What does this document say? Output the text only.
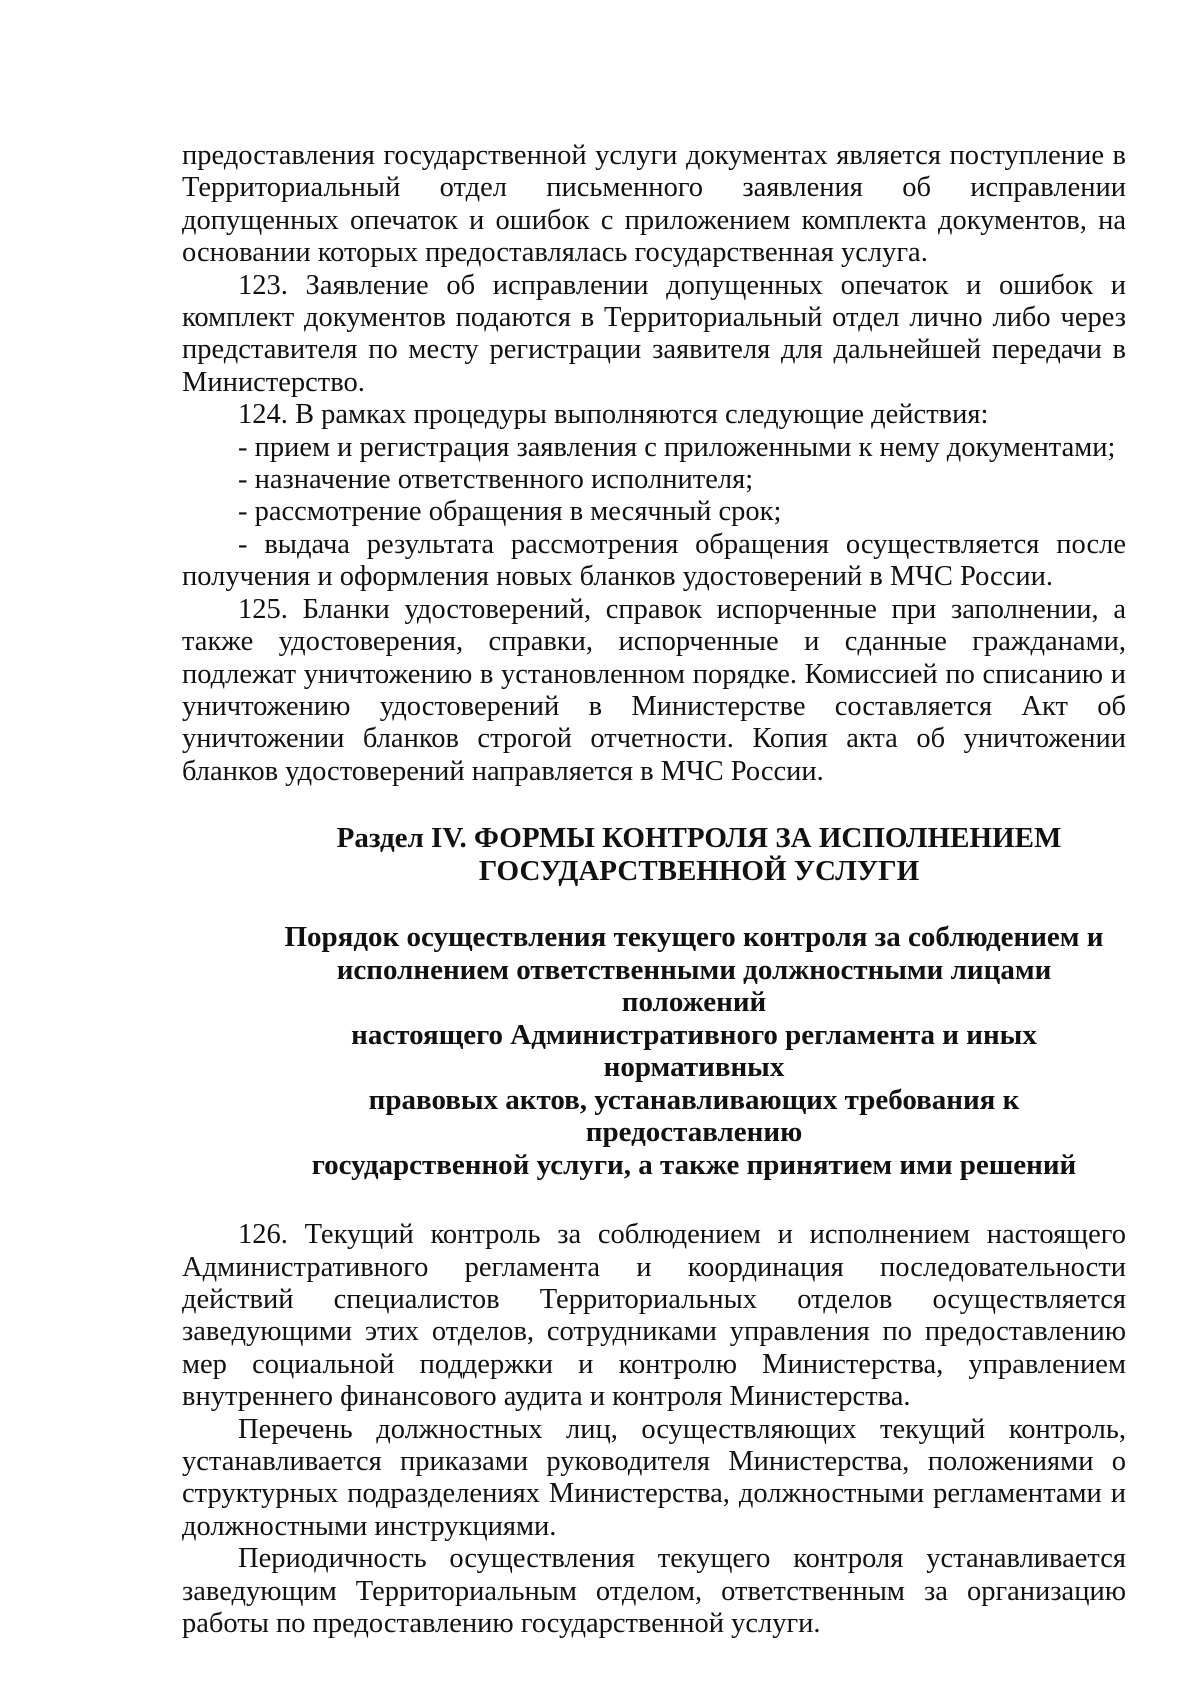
предоставления государственной услуги документах является поступление в Территориальный отдел письменного заявления об исправлении допущенных опечаток и ошибок с приложением комплекта документов, на основании которых предоставлялась государственная услуга.

123. Заявление об исправлении допущенных опечаток и ошибок и комплект документов подаются в Территориальный отдел лично либо через представителя по месту регистрации заявителя для дальнейшей передачи в Министерство.

124. В рамках процедуры выполняются следующие действия:

- прием и регистрация заявления с приложенными к нему документами;

- назначение ответственного исполнителя;

- рассмотрение обращения в месячный срок;

- выдача результата рассмотрения обращения осуществляется после получения и оформления новых бланков удостоверений в МЧС России.

125. Бланки удостоверений, справок испорченные при заполнении, а также удостоверения, справки, испорченные и сданные гражданами, подлежат уничтожению в установленном порядке. Комиссией по списанию и уничтожению удостоверений в Министерстве составляется Акт об уничтожении бланков строгой отчетности. Копия акта об уничтожении бланков удостоверений направляется в МЧС России.

Раздел IV. ФОРМЫ КОНТРОЛЯ ЗА ИСПОЛНЕНИЕМ

ГОСУДАРСТВЕННОЙ УСЛУГИ

Порядок осуществления текущего контроля за соблюдением и

исполнением ответственными должностными лицами положений

настоящего Административного регламента и иных нормативных

правовых актов, устанавливающих требования к предоставлению

государственной услуги, а также принятием ими решений

126. Текущий контроль за соблюдением и исполнением настоящего Административного регламента и координация последовательности действий специалистов Территориальных отделов осуществляется заведующими этих отделов, сотрудниками управления по предоставлению мер социальной поддержки и контролю Министерства, управлением внутреннего финансового аудита и контроля Министерства.

Перечень должностных лиц, осуществляющих текущий контроль, устанавливается приказами руководителя Министерства, положениями о структурных подразделениях Министерства, должностными регламентами и должностными инструкциями.

Периодичность осуществления текущего контроля устанавливается заведующим Территориальным отделом, ответственным за организацию работы по предоставлению государственной услуги.
